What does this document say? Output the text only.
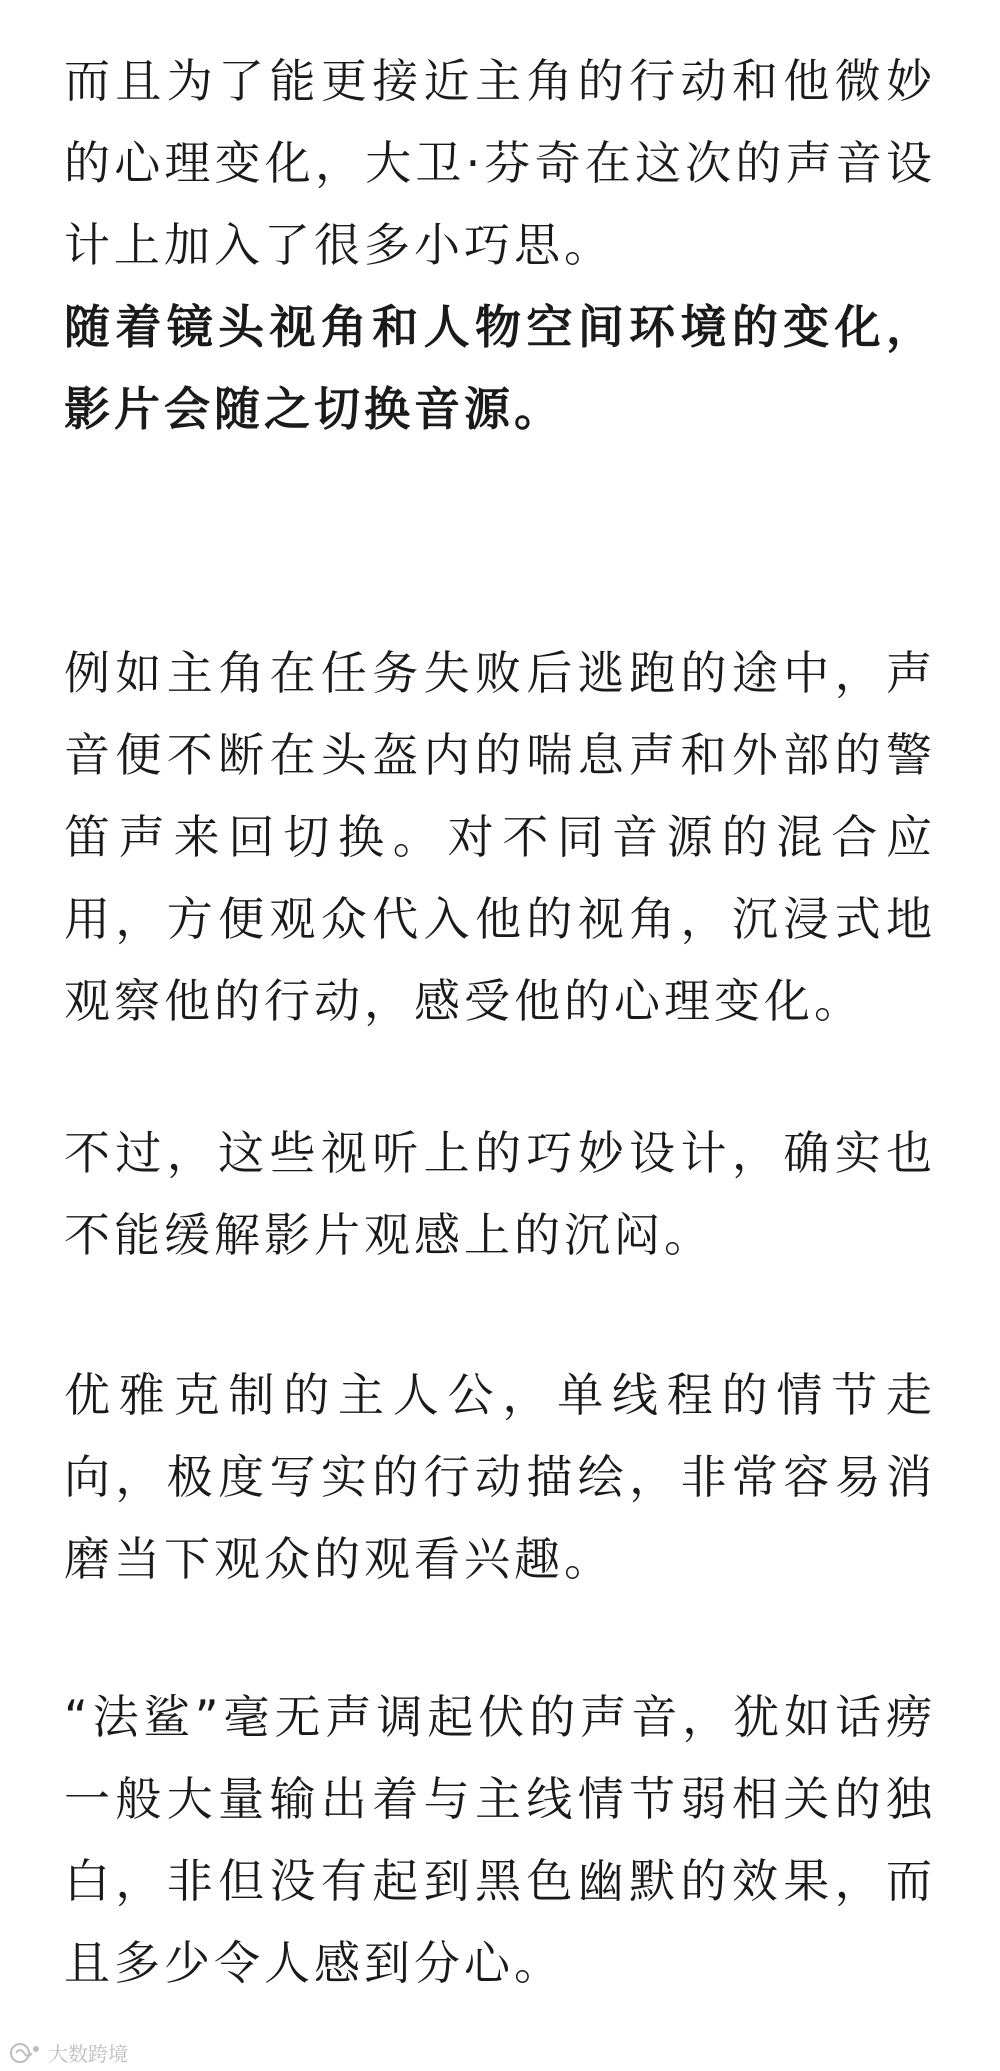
而且为了能更接近主角的行动和他微妙的心理变化，大卫·芬奇在这次的声音设计上加入了很多小巧思。

随着镜头视角和人物空间环境的变化，影片会随之切换音源。

例如主角在任务失败后逃跑的途中，声音便不断在头盔内的喘息声和外部的警笛声来回切换。对不同音源的混合应用，方便观众代入他的视角，沉浸式地观察他的行动，感受他的心理变化。

不过，这些视听上的巧妙设计，确实也不能缓解影片观感上的沉闷。

优雅克制的主人公，单线程的情节走向，极度写实的行动描绘，非常容易消磨当下观众的观看兴趣。

“法鲨”毫无声调起伏的声音，犹如话痨一般大量输出着与主线情节弱相关的独白，非但没有起到黑色幽默的效果，而且多少令人感到分心。

大数跨境
